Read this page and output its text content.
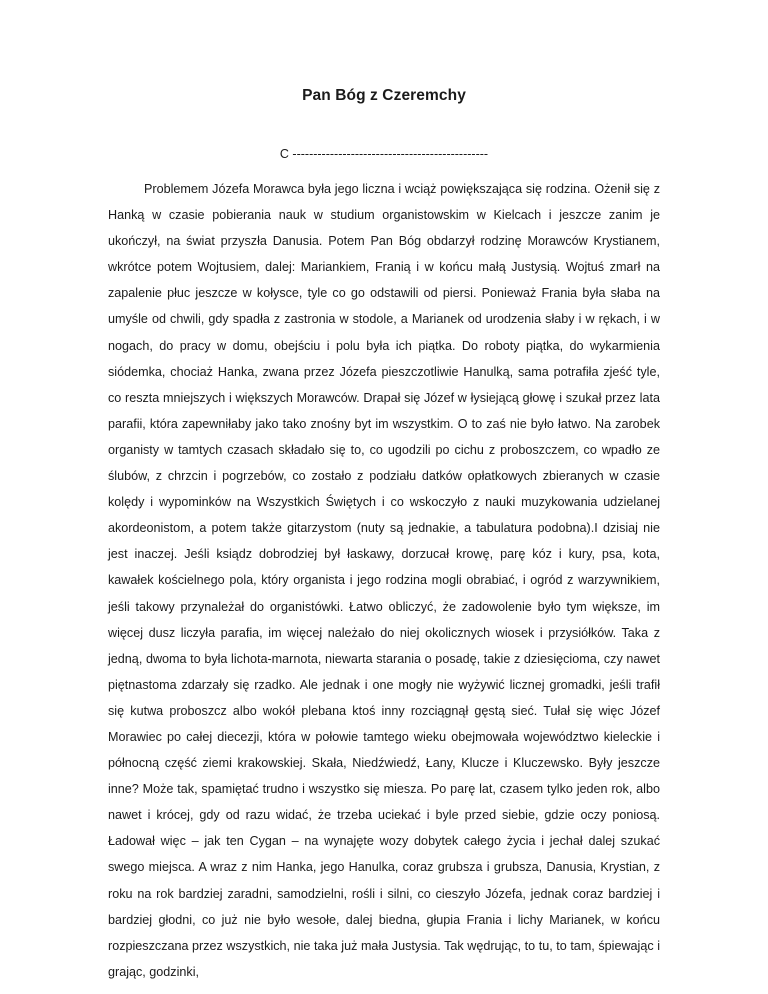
Pan Bóg z Czeremchy
C -----------------------------------------------

Problemem Józefa Morawca była jego liczna i wciąż powiększająca się rodzina. Ożenił się z Hanką w czasie pobierania nauk w studium organistowskim w Kielcach i jeszcze zanim je ukończył, na świat przyszła Danusia. Potem Pan Bóg obdarzył rodzinę Morawców Krystianem, wkrótce potem Wojtusiem, dalej: Mariankiem, Franią i w końcu małą Justysią. Wojtuś zmarł na zapalenie płuc jeszcze w kołysce, tyle co go odstawili od piersi. Ponieważ Frania była słaba na umyśle od chwili, gdy spadła z zastronia w stodole, a Marianek od urodzenia słaby i w rękach, i w nogach, do pracy w domu, obejściu i polu była ich piątka. Do roboty piątka, do wykarmienia siódemka, chociaż Hanka, zwana przez Józefa pieszczotliwie Hanulką, sama potrafiła zjeść tyle, co reszta mniejszych i większych Morawców. Drapał się Józef w łysiejącą głowę i szukał przez lata parafii, która zapewniłaby jako tako znośny byt im wszystkim. O to zaś nie było łatwo. Na zarobek organisty w tamtych czasach składało się to, co ugodzili po cichu z proboszczem, co wpadło ze ślubów, z chrzcin i pogrzebów, co zostało z podziału datków opłatkowych zbieranych w czasie kolędy i wypominków na Wszystkich Świętych i co wskoczyło z nauki muzykowania udzielanej akordeonistom, a potem także gitarzystom (nuty są jednakie, a tabulatura podobna).I dzisiaj nie jest inaczej. Jeśli ksiądz dobrodziej był łaskawy, dorzucał krowę, parę kóz i kury, psa, kota, kawałek kościelnego pola, który organista i jego rodzina mogli obrabiać, i ogród z warzywnikiem, jeśli takowy przynależał do organistówki. Łatwo obliczyć, że zadowolenie było tym większe, im więcej dusz liczyła parafia, im więcej należało do niej okolicznych wiosek i przysiółków. Taka z jedną, dwoma to była lichota-marnota, niewarta starania o posadę, takie z dziesięcioma, czy nawet piętnastoma zdarzały się rzadko. Ale jednak i one mogły nie wyżywić licznej gromadki, jeśli trafił się kutwa proboszcz albo wokół plebana ktoś inny rozciągnął gęstą sieć. Tułał się więc Józef Morawiec po całej diecezji, która w połowie tamtego wieku obejmowała województwo kieleckie i północną część ziemi krakowskiej. Skała, Niedźwiedź, Łany, Klucze i Kluczewsko. Były jeszcze inne? Może tak, spamiętać trudno i wszystko się miesza. Po parę lat, czasem tylko jeden rok, albo nawet i krócej, gdy od razu widać, że trzeba uciekać i byle przed siebie, gdzie oczy poniosą. Ładował więc – jak ten Cygan – na wynajęte wozy dobytek całego życia i jechał dalej szukać swego miejsca. A wraz z nim Hanka, jego Hanulka, coraz grubsza i grubsza, Danusia, Krystian, z roku na rok bardziej zaradni, samodzielni, rośli i silni, co cieszyło Józefa, jednak coraz bardziej i bardziej głodni, co już nie było wesołe, dalej biedna, głupia Frania i lichy Marianek, w końcu rozpieszczana przez wszystkich, nie taka już mała Justysia. Tak wędrując, to tu, to tam, śpiewając i grając, godzinki,
